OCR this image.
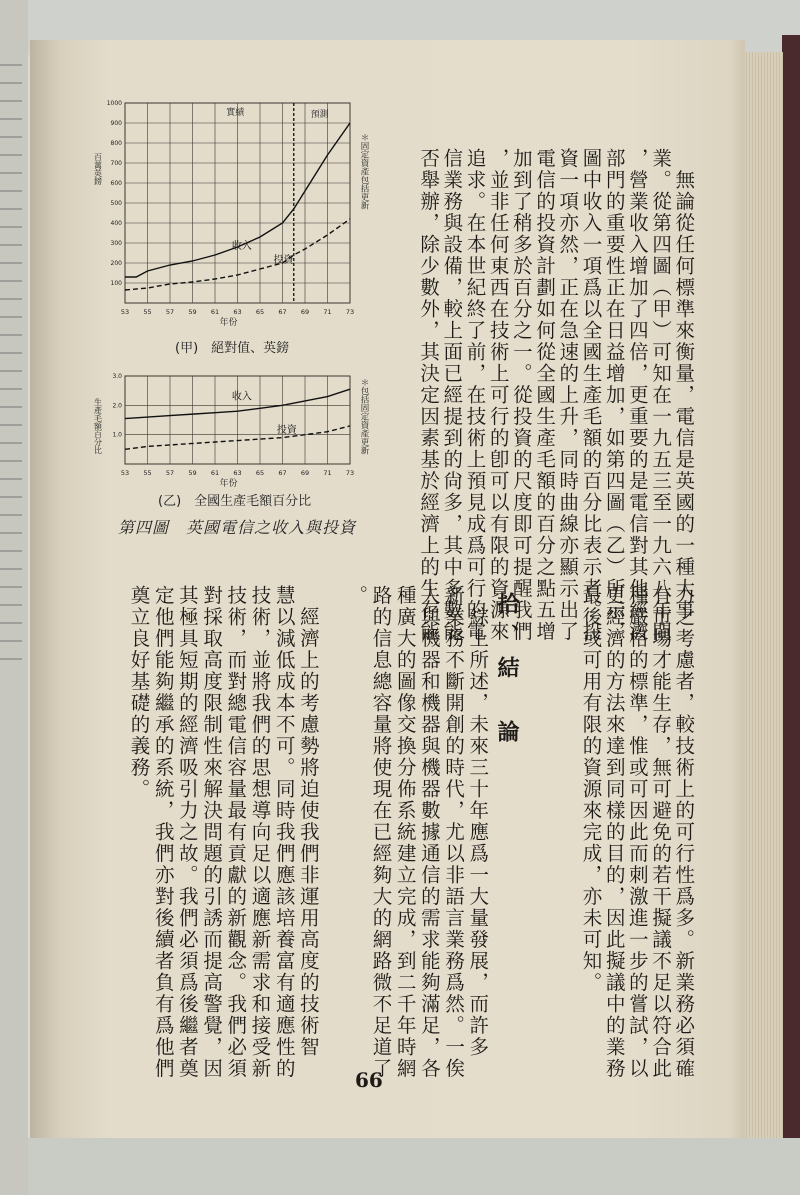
　無論從任何標準來衡量，電信是英國的一種大事
業。從第四圖（甲）可知在一九五三至一九六八年間
，營業收入增加了四倍，更重要的是電信對其他經濟
部門的重要性正在日益增加，如第四圖（乙）所示，
圖中收入一項爲以全國生產毛額的百分比表示者。投
資一項亦然，正在急速的上升，同時曲線亦顯示出了
電信的投資計劃如何從全國生產毛額的百分之點五增
加到了稍多於百分之一。從投資的尺度即可提醒我們
，並非任何東西在技術上可行的卽可以有限的資源來
追求。在本世紀終了前，在技術上預見成爲可行的電
信業務與設備，較上面已經提到的尙多，其中多數能
否舉辦，除少數外，其決定因素基於經濟上的生存能
力之考慮者，較技術上的可行性爲多。新業務必須確
有市場才能生存，無可避免的若干擬議不足以符合此
種嚴格的標準，惟或可因此而刺激進一步的嘗試，以
更經濟的方法來達到同樣的目的，因此擬議中的業務
最後或可用有限的資源來完成，亦未可知。
拾、結　論
　綜上所述，未來三十年應爲一大量發展，而許多
新業務不斷開創的時代，尤以非語言業務爲然。一俟
人與機器和機器與機器數據通信的需求能夠滿足，各
種廣大的圖像交換分佈系統建立完成，到二千年時網
路的信息總容量將使現在已經夠大的網路微不足道了
。
　經濟上的考慮勢將迫使我們非運用高度的技術智
慧以減低成本不可。同時我們應該培養富有適應性的
技術，並將我們的思想導向足以適應新需求和接受新
技術，而對總電信容量最有貢獻的新觀念。我們必須
對採取高度限制性來解決問題的引誘而提高警覺，因
其極具短期的經濟吸引力之故。我們必須爲後繼者奠
定他們能夠繼承的系統，我們亦對後續者負有爲他們
奠立良好基礎的義務。
53 55 57 59 61 63 65 67 69 71 73
100
200
300
400
500
600
700
800
900
1000
收入
投資
年份
百萬英鎊	＊固定資產包括更新
實績	預測
(甲)　絕對值、英鎊
53 55 57 59 61 63 65 67 69 71 73
1.0
2.0
3.0
收入
投資
年份
生產毛額百分比	＊包括固定資產更新
(乙)　全國生產毛額百分比
第四圖　英國電信之收入與投資
66
